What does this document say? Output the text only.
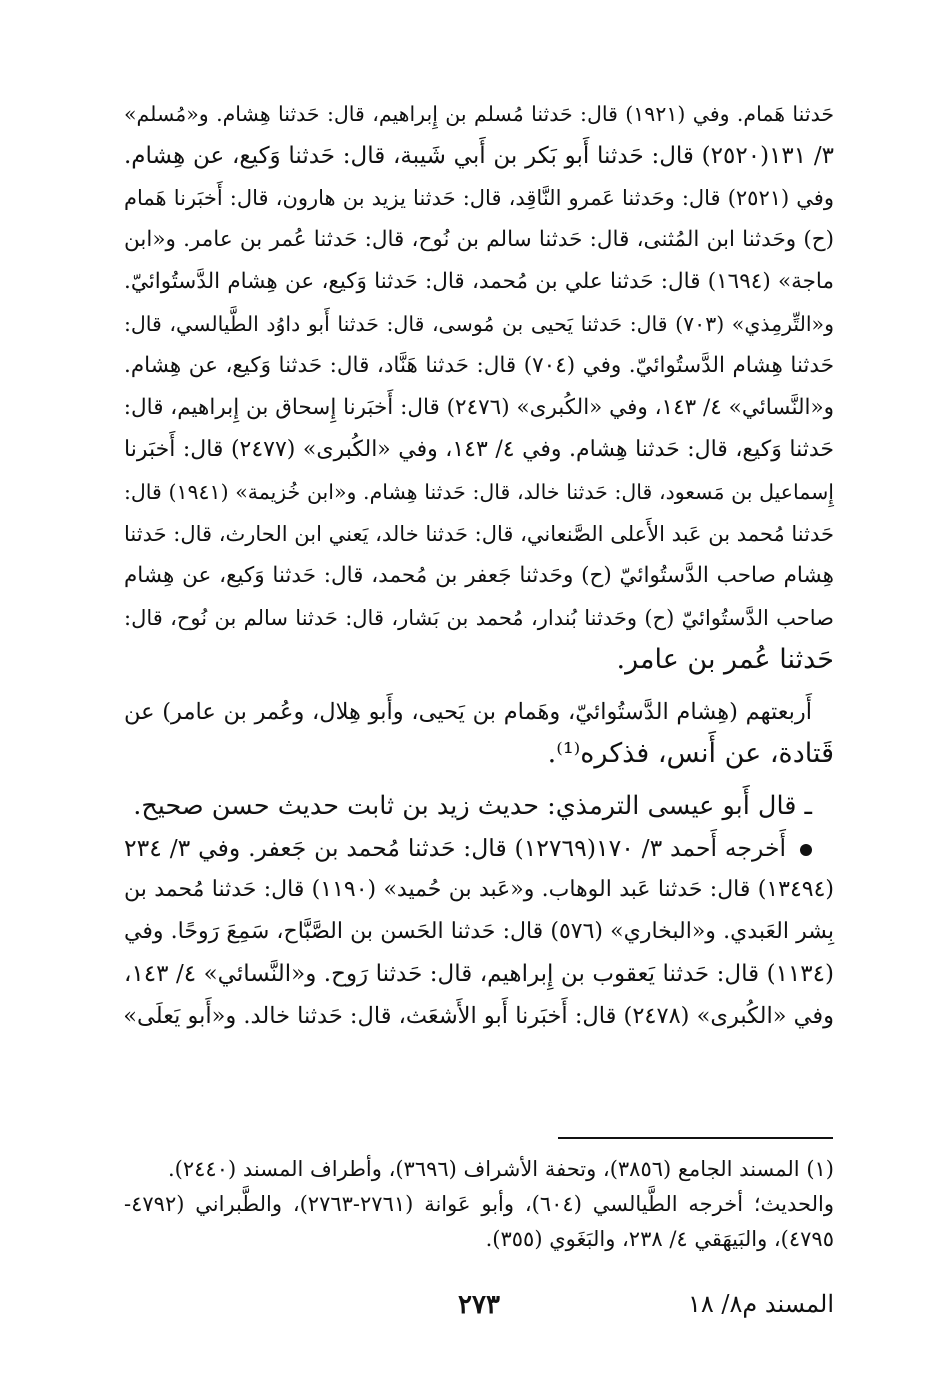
حَدثنا هَمام. وفي (١٩٢١) قال: حَدثنا مُسلم بن إِبراهيم، قال: حَدثنا هِشام. و«مُسلم»
٣/ ١٣١(٢٥٢٠) قال: حَدثنا أَبو بَكر بن أَبي شَيبة، قال: حَدثنا وَكيع، عن هِشام.
وفي (٢٥٢١) قال: وحَدثنا عَمرو النَّاقِد، قال: حَدثنا يزيد بن هارون، قال: أَخبَرنا هَمام
(ح) وحَدثنا ابن المُثنى، قال: حَدثنا سالم بن نُوح، قال: حَدثنا عُمر بن عامر. و«ابن
ماجة» (١٦٩٤) قال: حَدثنا علي بن مُحمد، قال: حَدثنا وَكيع، عن هِشام الدَّستُوائيّ.
و«التِّرمِذي» (٧٠٣) قال: حَدثنا يَحيى بن مُوسى، قال: حَدثنا أَبو داوُد الطَّيالسي، قال:
حَدثنا هِشام الدَّستُوائيّ. وفي (٧٠٤) قال: حَدثنا هَنَّاد، قال: حَدثنا وَكيع، عن هِشام.
و«النَّسائي» ٤/ ١٤٣، وفي «الكُبرى» (٢٤٧٦) قال: أَخبَرنا إِسحاق بن إِبراهيم، قال:
حَدثنا وَكيع، قال: حَدثنا هِشام. وفي ٤/ ١٤٣، وفي «الكُبرى» (٢٤٧٧) قال: أَخبَرنا
إِسماعيل بن مَسعود، قال: حَدثنا خالد، قال: حَدثنا هِشام. و«ابن خُزيمة» (١٩٤١) قال:
حَدثنا مُحمد بن عَبد الأَعلى الصَّنعاني، قال: حَدثنا خالد، يَعني ابن الحارث، قال: حَدثنا
هِشام صاحب الدَّستُوائيّ (ح) وحَدثنا جَعفر بن مُحمد، قال: حَدثنا وَكيع، عن هِشام
صاحب الدَّستُوائيّ (ح) وحَدثنا بُندار، مُحمد بن بَشار، قال: حَدثنا سالم بن نُوح، قال:
حَدثنا عُمر بن عامر.
أَربعتهم (هِشام الدَّستُوائيّ، وهَمام بن يَحيى، وأَبو هِلال، وعُمر بن عامر) عن
قَتادة، عن أَنس، فذكره⁽¹⁾.
ـ قال أَبو عيسى الترمذي: حديث زيد بن ثابت حديث حسن صحيح.
أَخرجه أَحمد ٣/ ١٧٠(١٢٧٦٩) قال: حَدثنا مُحمد بن جَعفر. وفي ٣/ ٢٣٤
(١٣٤٩٤) قال: حَدثنا عَبد الوهاب. و«عَبد بن حُميد» (١١٩٠) قال: حَدثنا مُحمد بن
بِشر العَبدي. و«البخاري» (٥٧٦) قال: حَدثنا الحَسن بن الصَّبَّاح، سَمِعَ رَوحًا. وفي
(١١٣٤) قال: حَدثنا يَعقوب بن إِبراهيم، قال: حَدثنا رَوح. و«النَّسائي» ٤/ ١٤٣،
وفي «الكُبرى» (٢٤٧٨) قال: أَخبَرنا أَبو الأَشعَث، قال: حَدثنا خالد. و«أَبو يَعلَى»
(١) المسند الجامع (٣٨٥٦)، وتحفة الأشراف (٣٦٩٦)، وأطراف المسند (٢٤٤٠).
والحديث؛ أخرجه الطَّيالسي (٦٠٤)، وأبو عَوانة (٢٧٦١-٢٧٦٣)، والطَّبراني (٤٧٩٢-
٤٧٩٥)، والبَيهَقي ٤/ ٢٣٨، والبَغَوي (٣٥٥).
المسند م٨/ ١٨
٢٧٣
